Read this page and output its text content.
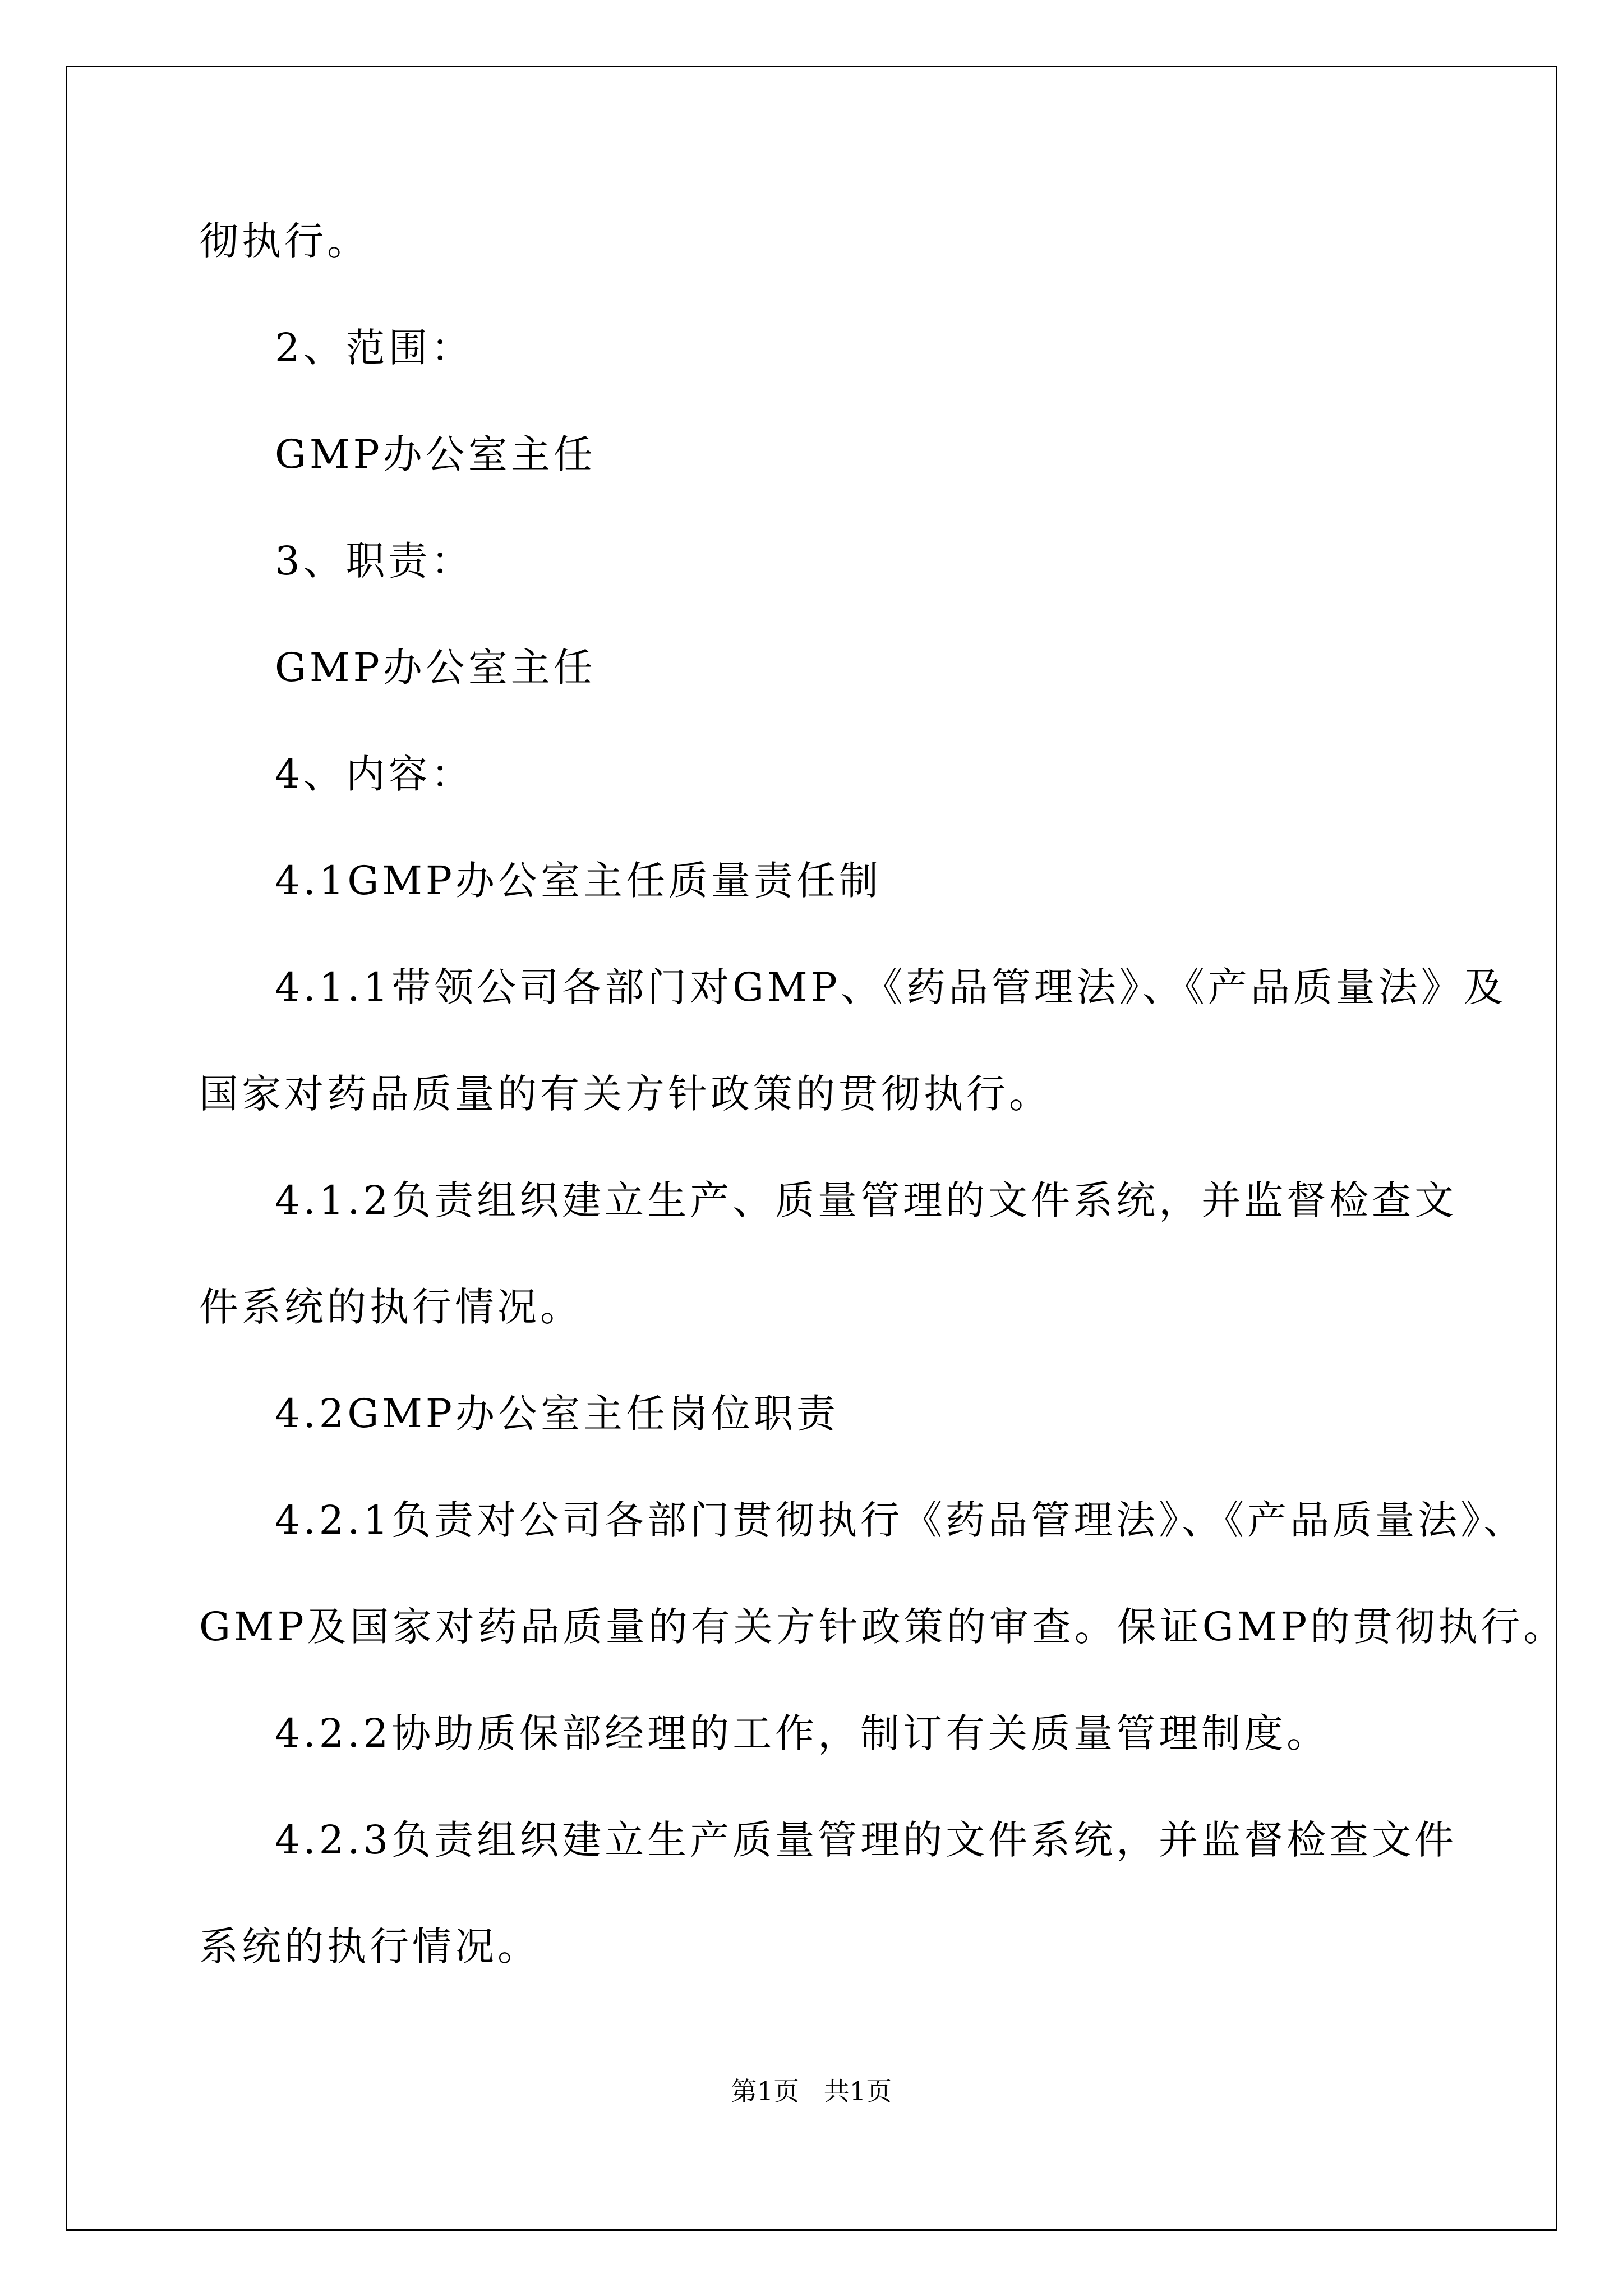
彻执行。
2、范围：
GMP办公室主任
3、职责：
GMP办公室主任
4、内容：
4.1GMP办公室主任质量责任制
4.1.1带领公司各部门对GMP、《药品管理法》、《产品质量法》及
国家对药品质量的有关方针政策的贯彻执行。
4.1.2负责组织建立生产、质量管理的文件系统，并监督检查文
件系统的执行情况。
4.2GMP办公室主任岗位职责
4.2.1负责对公司各部门贯彻执行《药品管理法》、《产品质量法》、
GMP及国家对药品质量的有关方针政策的审查。保证GMP的贯彻执行。
4.2.2协助质保部经理的工作，制订有关质量管理制度。
4.2.3负责组织建立生产质量管理的文件系统，并监督检查文件
系统的执行情况。
第1页   共1页
